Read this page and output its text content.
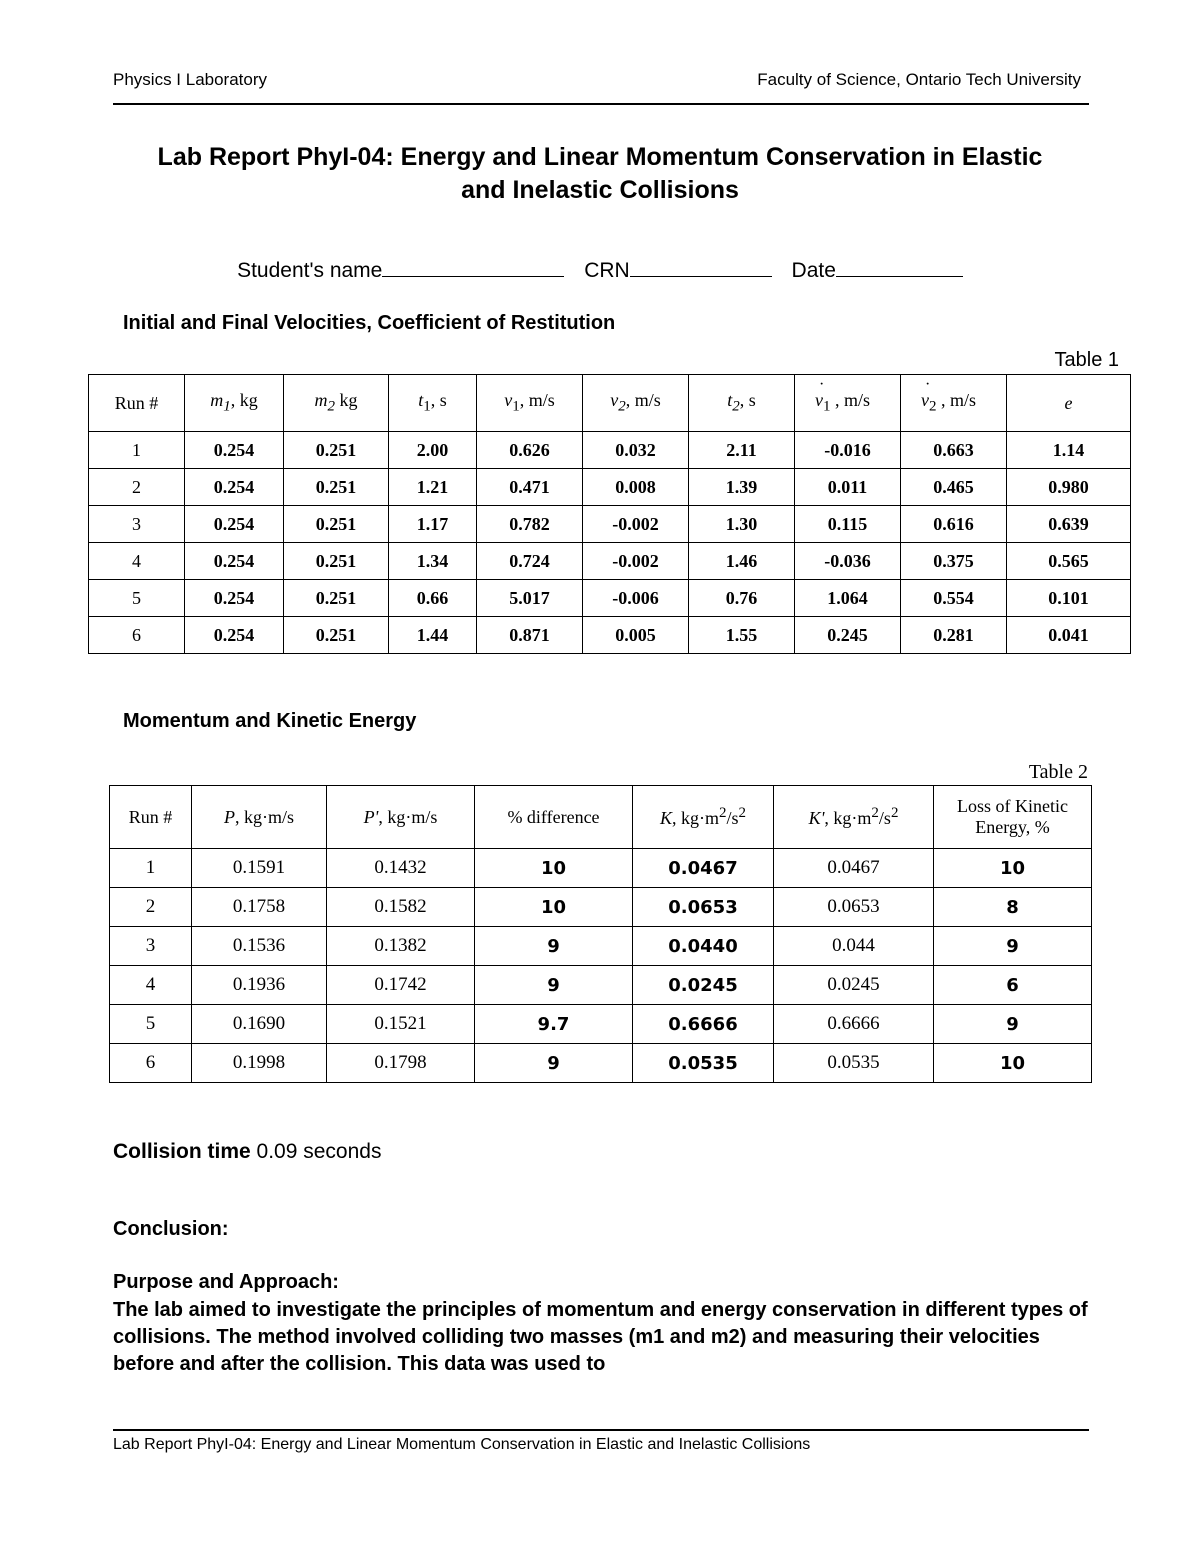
Physics I Laboratory	Faculty of Science, Ontario Tech University
Lab Report PhyI-04: Energy and Linear Momentum Conservation in Elastic
and Inelastic Collisions
Student's name	CRN	Date
Initial and Final Velocities, Coefficient of Restitution
Table 1
Run #	$m_1$, kg	$m_2$ kg	$t_1$, s	$v_1$, m/s	$v_2$, m/s	$t_2$, s	· $v_1$ , m/s	· $v_2$ , m/s	e
1	0.254	0.251	2.00	0.626	0.032	2.11	-0.016	0.663	1.14
2	0.254	0.251	1.21	0.471	0.008	1.39	0.011	0.465	0.980
3	0.254	0.251	1.17	0.782	-0.002	1.30	0.115	0.616	0.639
4	0.254	0.251	1.34	0.724	-0.002	1.46	-0.036	0.375	0.565
5	0.254	0.251	0.66	5.017	-0.006	0.76	1.064	0.554	0.101
6	0.254	0.251	1.44	0.871	0.005	1.55	0.245	0.281	0.041
Momentum and Kinetic Energy
Table 2
Run #	P, kg·m/s	P', kg·m/s	% difference	K, $kg\cdot m^2/s^2$	K', $kg\cdot m^2/s^2$	Loss of Kinetic
Energy, %
1	0.1591	0.1432	10	0.0467	0.0467	10
2	0.1758	0.1582	10	0.0653	0.0653	8
3	0.1536	0.1382	9	0.0440	0.044	9
4	0.1936	0.1742	9	0.0245	0.0245	6
5	0.1690	0.1521	9.7	0.6666	0.6666	9
6	0.1998	0.1798	9	0.0535	0.0535	10
Collision time 0.09 seconds
Conclusion:
Purpose and Approach:
The lab aimed to investigate the principles of momentum and energy conservation in different types of collisions. The method involved colliding two masses (m1 and m2) and measuring their velocities before and after the collision. This data was used to
Lab Report PhyI-04: Energy and Linear Momentum Conservation in Elastic and Inelastic Collisions
